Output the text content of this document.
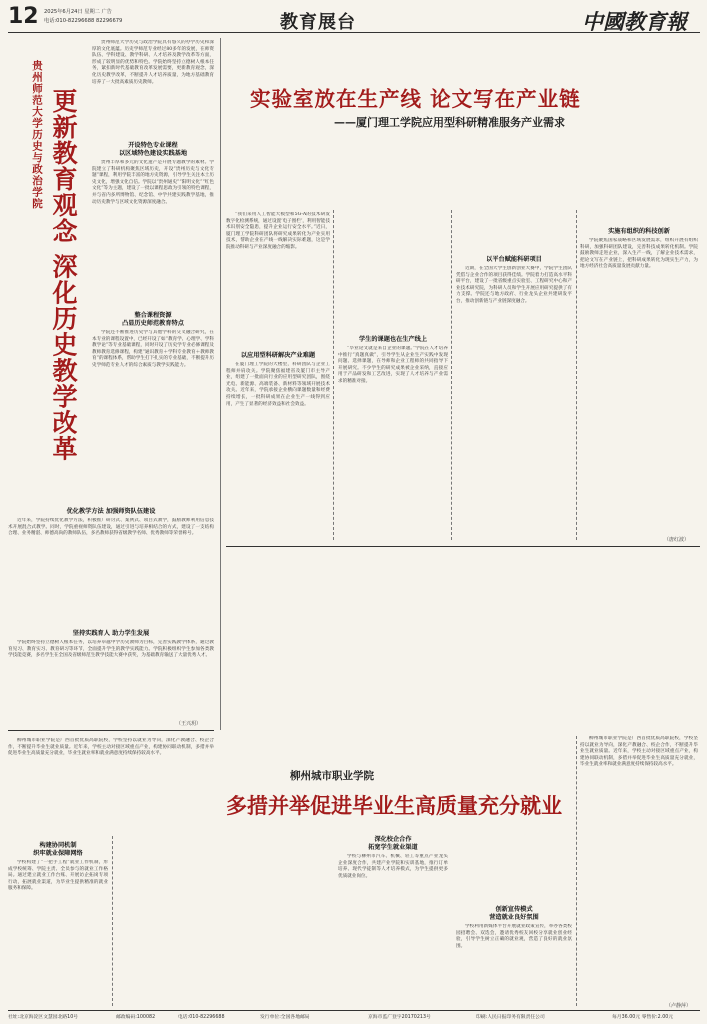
12 2025年6月24日 星期二 广告
电话:010-82296688 82296679	教育展台	中國教育報
贵州师范大学历史与政治学院 更新教育观念 深化历史教学改革

贵州师范大学历史与政治学院具有悠久的办学历史和深厚的文化底蕴。历史学师范专业经过80多年的发展，在师资队伍、学科建设、教学科研、人才培养及教学改革等方面，形成了较明显的优势和特色。学院始终坚持立德树人根本任务，紧扣新时代基础教育改革发展需要，更新教育观念，深化历史教学改革，不断提升人才培养质量，为地方基础教育培养了一大批高素质历史教师。

开设特色专业课程
以区域特色建设实践基地

贵州丰厚和多元的文化遗产是开展专题教学的素材。学院建立了科研机构聚焦区域历史，开设“贵州历史与文化专题”课程，利用学院丰富的地方史资源，引导学生关注本土历史文化，增强文化自信。学院以“贵州通史”“阳明文化”“红色文化”等为主题，建设了一批以课程思政为引领的特色课程，并与省内多所博物馆、纪念馆、中学共建实践教学基地，推动历史教学与区域文化资源深度融合。

整合课程资源
凸显历史师范教育特点

学院还不断推进历史学与其他学科的交叉融合研究，在本专业的课程设置中，已经开设了如“教育学、心理学、学科教学论”等专业基础课程，同时开设了历史学专业必修课程及教师教育选修课程，构建“通识教育＋学科专业教育＋教师教育”的课程体系，帮助学生打下扎实的专业基础，不断提升历史学师范专业人才的综合素质与教学实践能力。

优化教学方法 加强师资队伍建设

近年来，学院持续优化教学方法，积极推广研讨式、案例式、项目式教学，鼓励教师利用信息技术开展混合式教学。同时，学院重视师资队伍建设，通过引进与培养相结合的方式，建设了一支结构合理、业务精湛、师德高尚的教师队伍，多名教师获得省级教学名师、优秀教师等荣誉称号。

坚持实践育人 助力学生发展

学院始终坚持立德树人根本任务，以培养卓越中学历史教师为目标，完善实践教学体系，通过教育见习、教育实习、教育研习等环节，全面提升学生的教学实践能力。学院积极组织学生参加各类教学技能竞赛，多名学生在全国及省级师范生教学技能大赛中获奖，为基础教育输送了大量优秀人才。

（王兴玥）
实验室放在生产线 论文写在产业链
——厦门理工学院应用型科研精准服务产业需求

“我们采用人工智能大模型和5G-A的技术研发数字化检测系统，通过设置‘电子围栏’，利用智能技术识别安全隐患，提升企业运行安全水平。”近日，厦门理工学院科研团队将研究成果转化为产业实用技术，帮助企业在产线一线解决实际难题，这是学院推动科研与产业深度融合的缩影。

以应用型科研解决产业难题

在厦门理工学院的大楼里，科研团队与企业工程师并肩攻关。学院聚焦福建省及厦门市主导产业，组建了一批面向行业的应用型研究团队，围绕光电、新能源、高端装备、新材料等领域开展技术攻关。近年来，学院承接企业横向课题数量和经费持续增长，一批科研成果在企业生产一线得到应用，产生了显著的经济效益和社会效益。

学生的课题也在生产线上

“毕业论文就是来自企业的课题。”学院在人才培养中推行“真题真做”，引导学生从企业生产实践中发现问题、选择课题，在导师和企业工程师的共同指导下开展研究。不少学生的研究成果被企业采纳，直接应用于产品研发和工艺改进，实现了人才培养与产业需求的精准对接。

以平台赋能科研项目

近期，在全国大学生创新创业大赛中，学院学生团队凭借与企业合作的项目获得佳绩。学院着力打造高水平科研平台，建设了一批省级重点实验室、工程研究中心和产业技术研究院，为科研人员和学生开展应用研究提供了有力支撑。学院还与地方政府、行业龙头企业共建研发平台，推动创新链与产业链深度融合。

实施有组织的科技创新

学院聚焦国家战略和区域发展需求，组织开展有组织科研，加强科研团队建设，完善科技成果转化机制。学院鼓励教师走进企业，深入生产一线，了解企业技术需求，把论文写在产业链上，把科研成果转化为现实生产力，为地方经济社会高质量发展贡献力量。

（唐红波）
柳州城市职业学院
多措并举促进毕业生高质量充分就业

柳州城市职业学院是广西首批优质高职院校，学校坚持以就业为导向，深化产教融合、校企合作，不断提升毕业生就业质量。近年来，学校主动对接区域重点产业，构建协同联动机制，多措并举促进毕业生高质量充分就业，毕业生就业率和就业满意度持续保持较高水平。

构建协同机制
织牢就业保障网络

学校构建了“一把手工程”就业工作机制，形成学校统筹、学院主责、全员参与的就业工作格局。通过建立就业工作台账、开展访企拓岗专项行动，拓展就业渠道，为毕业生提供精准的就业服务和保障。

深化校企合作
拓宽学生就业渠道

学校与柳州市汽车、机械、轻工等重点产业龙头企业深度合作，共建产业学院和实训基地，推行订单培养、现代学徒制等人才培养模式，为学生提供更多优质就业岗位。

创新宣传模式
营造就业良好氛围

学校利用新媒体平台开展就业政策宣传，举办各类校园招聘会、双选会，邀请优秀校友回校分享就业创业经验，引导学生树立正确的就业观，营造了良好的就业氛围。

柳州城市职业学院是广西首批优质高职院校，学校坚持以就业为导向，深化产教融合、校企合作，不断提升毕业生就业质量。近年来，学校主动对接区域重点产业，构建协同联动机制，多措并举促进毕业生高质量充分就业，毕业生就业率和就业满意度持续保持较高水平。

（卢静萍）
社址:北京海淀区文慧园北路10号	邮政编码:100082	电话:010-82296688	发行单位:全国各地邮局	京海市监广登字20170213号	印刷:人民日报印务有限责任公司	每月36.00元 零售价:2.00元
